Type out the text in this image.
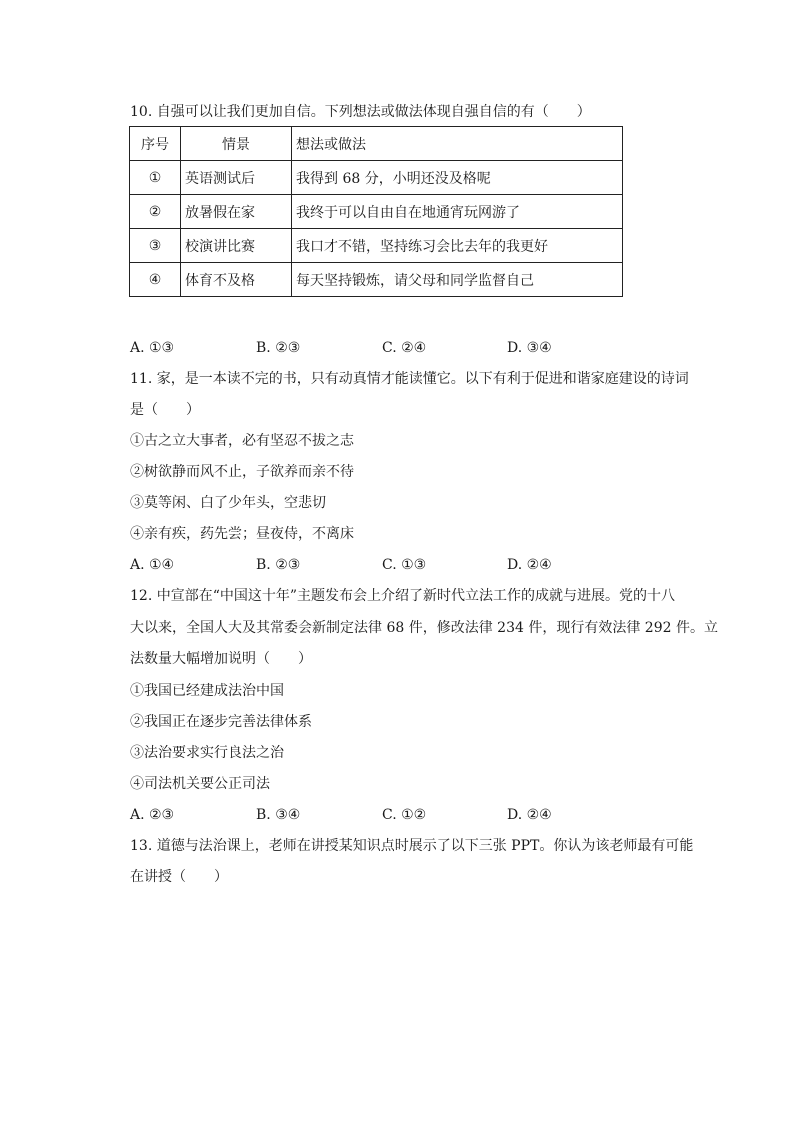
10. 自强可以让我们更加自信。下列想法或做法体现自强自信的有（　　）
序号	情景	想法或做法
①	英语测试后	我得到 68 分，小明还没及格呢
②	放暑假在家	我终于可以自由自在地通宵玩网游了
③	校演讲比赛	我口才不错，坚持练习会比去年的我更好
④	体育不及格	每天坚持锻炼，请父母和同学监督自己
A. ①③	B. ②③	C. ②④	D. ③④
11. 家，是一本读不完的书，只有动真情才能读懂它。以下有利于促进和谐家庭建设的诗词
是（　　）
①古之立大事者，必有坚忍不拔之志
②树欲静而风不止，子欲养而亲不待
③莫等闲、白了少年头，空悲切
④亲有疾，药先尝；昼夜侍，不离床
A. ①④	B. ②③	C. ①③	D. ②④
12. 中宣部在“中国这十年”主题发布会上介绍了新时代立法工作的成就与进展。党的十八
大以来，全国人大及其常委会新制定法律 68 件，修改法律 234 件，现行有效法律 292 件。立
法数量大幅增加说明（　　）
①我国已经建成法治中国
②我国正在逐步完善法律体系
③法治要求实行良法之治
④司法机关要公正司法
A. ②③	B. ③④	C. ①②	D. ②④
13. 道德与法治课上，老师在讲授某知识点时展示了以下三张 PPT。你认为该老师最有可能
在讲授（　　）
